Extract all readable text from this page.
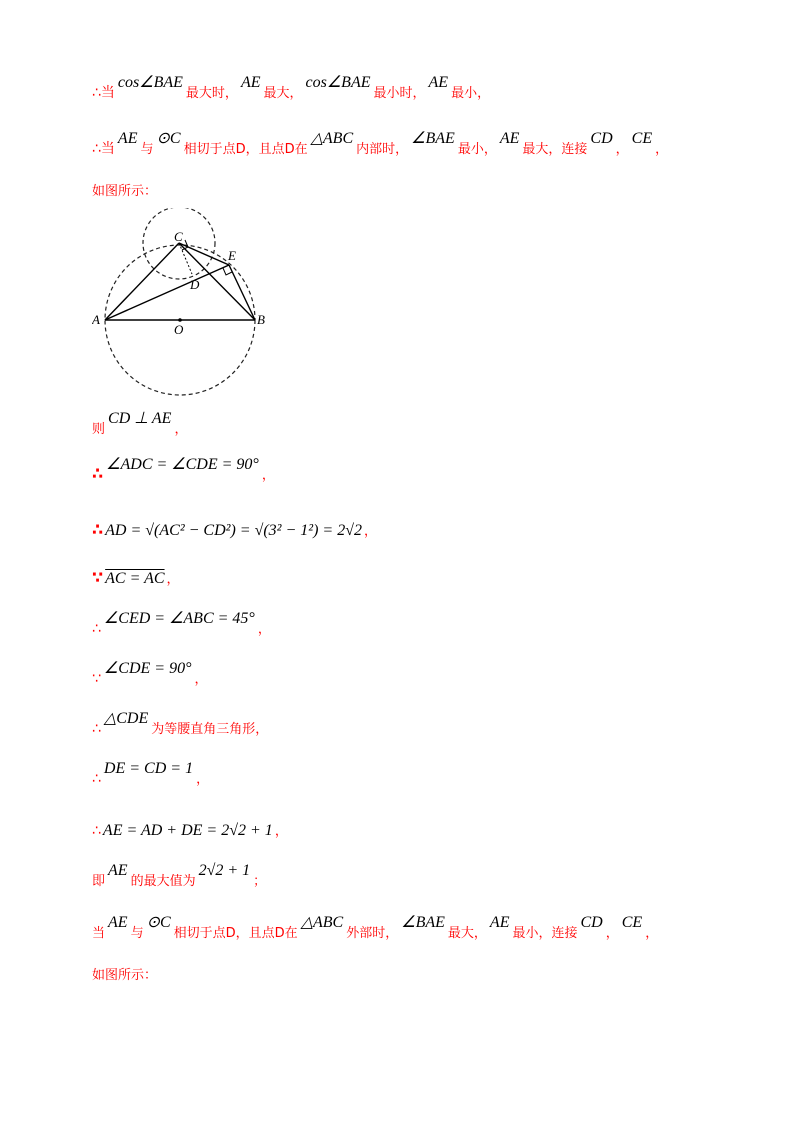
∴当cos∠BAE最大时，AE最大，cos∠BAE最小时，AE最小，
∴当AE与⊙C相切于点D，且点D在△ABC内部时，∠BAE最小，AE最大，连接CD，CE，
如图所示：
A	B
C
D
E
O
则CD ⊥ AE，
∴ ∠ADC = ∠CDE = 90°，
∴ AD = √(AC² − CD²) = √(3² − 1²) = 2√2 ，
∵ AC = AC ，
∴∠CED = ∠ABC = 45°，
∵∠CDE = 90°，
∴△CDE为等腰直角三角形，
∴DE = CD = 1，
∴ AE = AD + DE = 2√2 + 1 ，
即AE的最大值为2√2 + 1；
当AE与⊙C相切于点D，且点D在△ABC外部时，∠BAE最大，AE最小，连接CD，CE，
如图所示：
